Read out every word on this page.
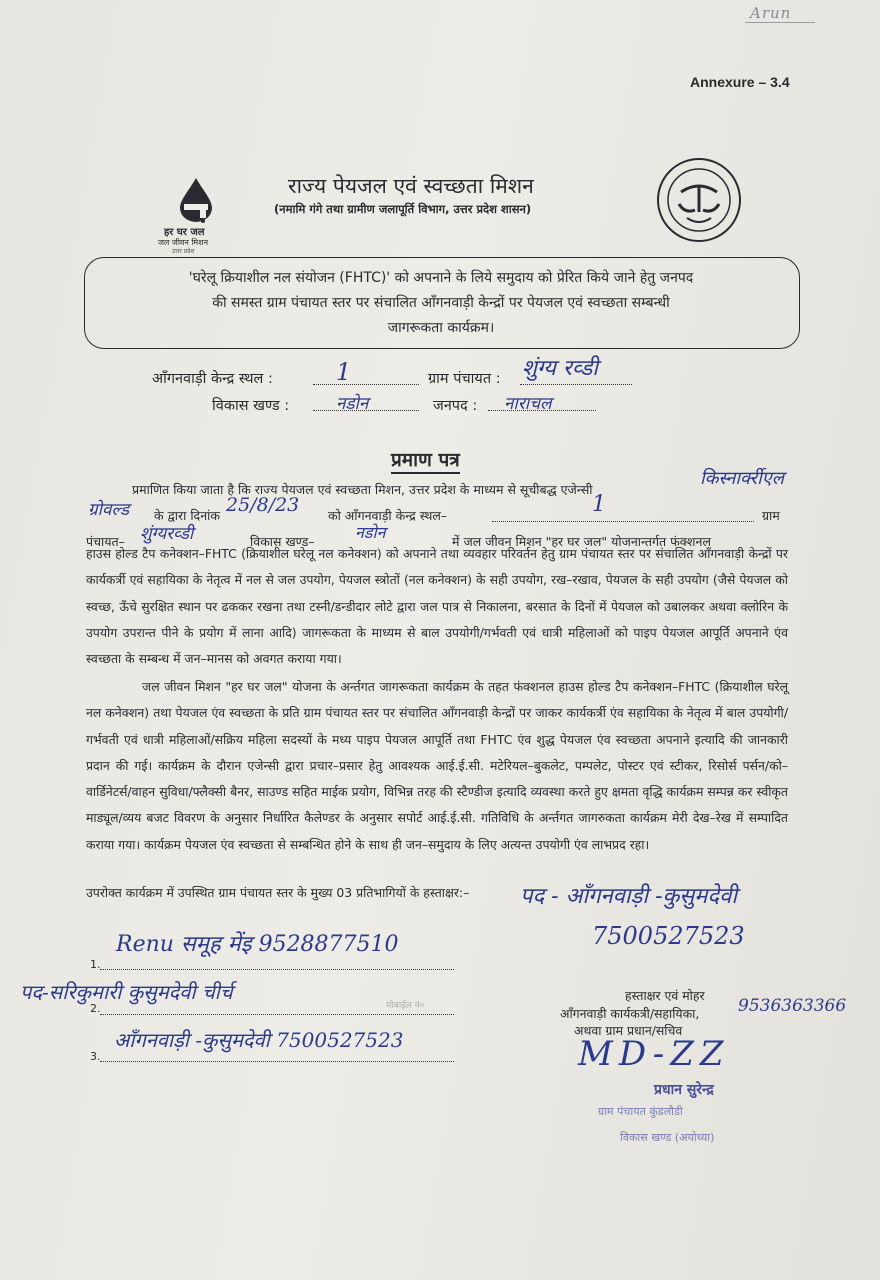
Arun
Annexure – 3.4
हर घर जल
जल जीवन मिशन
उत्तर प्रदेश
राज्य पेयजल एवं स्वच्छता मिशन
(नमामि गंगे तथा ग्रामीण जलापूर्ति विभाग, उत्तर प्रदेश शासन)
'घरेलू क्रियाशील नल संयोजन (FHTC)' को अपनाने के लिये समुदाय को प्रेरित किये जाने हेतु जनपद
की समस्त ग्राम पंचायत स्तर पर संचालित आँगनवाड़ी केन्द्रों पर पेयजल एवं स्वच्छता सम्बन्धी
जागरूकता कार्यक्रम।
आँगनवाड़ी केन्द्र स्थल :	1	ग्राम पंचायत : शुंग्य रव्डी
विकास खण्ड :	नडोन	जनपद : नाराचल
प्रमाण पत्र
प्रमाणित किया जाता है कि राज्य पेयजल एवं स्वच्छता मिशन, उत्तर प्रदेश के माध्यम से सूचीबद्ध एजेन्सी
किस्नार्क्‍रीएल
ग्रोवल्ड के द्वारा दिनांक 25/8/23 को आँगनवाड़ी केन्द्र स्थल–	1	ग्राम
पंचायत– शुंग्यरव्डी	विकास खण्ड–	नडोन	में जल जीवन मिशन "हर घर जल" योजनान्तर्गत फंक्शनल

हाउस होल्ड टैप कनेक्शन–FHTC (क्रियाशील घरेलू नल कनेक्शन) को अपनाने तथा व्यवहार परिवर्तन हेतु ग्राम पंचायत स्तर पर संचालित आँगनवाड़ी केन्द्रों पर कार्यकर्त्री एवं सहायिका के नेतृत्व में नल से जल उपयोग, पेयजल स्त्रोतों (नल कनेक्शन) के सही उपयोग, रख–रखाव, पेयजल के सही उपयोग (जैसे पेयजल को स्वच्छ, ऊँचे सुरक्षित स्थान पर ढककर रखना तथा टस्नी/डन्डीदार लोटे द्वारा जल पात्र से निकालना, बरसात के दिनों में पेयजल को उबालकर अथवा क्लोरिन के उपयोग उपरान्त पीने के प्रयोग में लाना आदि) जागरूकता के माध्यम से बाल उपयोगी/गर्भवती एवं धात्री महिलाओं को पाइप पेयजल आपूर्ति अपनाने एंव स्वच्छता के सम्बन्ध में जन–मानस को अवगत कराया गया।

जल जीवन मिशन "हर घर जल" योजना के अर्न्तगत जागरूकता कार्यक्रम के तहत फंक्शनल हाउस होल्ड टैप कनेक्शन–FHTC (क्रियाशील घरेलू नल कनेक्शन) तथा पेयजल एंव स्वच्छता के प्रति ग्राम पंचायत स्तर पर संचालित आँगनवाड़ी केन्द्रों पर जाकर कार्यकर्त्री एंव सहायिका के नेतृत्व में बाल उपयोगी/गर्भवती एवं धात्री महिलाओं/सक्रिय महिला सदस्यों के मध्य पाइप पेयजल आपूर्ति तथा FHTC एंव शुद्ध पेयजल एंव स्वच्छता अपनाने इत्यादि की जानकारी प्रदान की गई। कार्यक्रम के दौरान एजेन्सी द्वारा प्रचार–प्रसार हेतु आवश्यक आई.ई.सी. मटेरियल–बुकलेट, पम्पलेट, पोस्टर एवं स्टीकर, रिसोर्स पर्सन/को–वार्डिनेटर्स/वाहन सुविधा/फ्लैक्सी बैनर, साउण्ड सहित माईक प्रयोग, विभिन्न तरह की स्टैण्डीज इत्यादि व्यवस्था करते हुए क्षमता वृद्धि कार्यक्रम सम्पन्न कर स्वीकृत माड्यूल/व्यय बजट विवरण के अनुसार निर्धारित कैलेण्डर के अनुसार सपोर्ट आई.ई.सी. गतिविधि के अर्न्तगत जागरुकता कार्यक्रम मेरी देख–रेख में सम्पादित कराया गया। कार्यक्रम पेयजल एंव स्वच्छता से सम्बन्धित होने के साथ ही जन–समुदाय के लिए अत्यन्त उपयोगी एंव लाभप्रद रहा।

उपरोक्त कार्यक्रम में उपस्थित ग्राम पंचायत स्तर के मुख्य 03 प्रतिभागियों के हस्ताक्षर:–
1.
Renu समूह मेंइ 9528877510
2.
पद-सरिकुमारी कुसुमदेवी चीर्च
3.
आँगनवाड़ी -कुसुमदेवी 7500527523
मोबाईल नं०
पद - आँगनवाड़ी -कुसुमदेवी
7500527523
हस्ताक्षर एवं मोहर
आँगनवाड़ी कार्यकत्री/सहायिका, 9536363366
अथवा ग्राम प्रधान/सचिव
MD-ZZ
प्रधान सुरेन्द्र
ग्राम पंचायत कुंडलौडी
विकास खण्ड (अयोध्या)
